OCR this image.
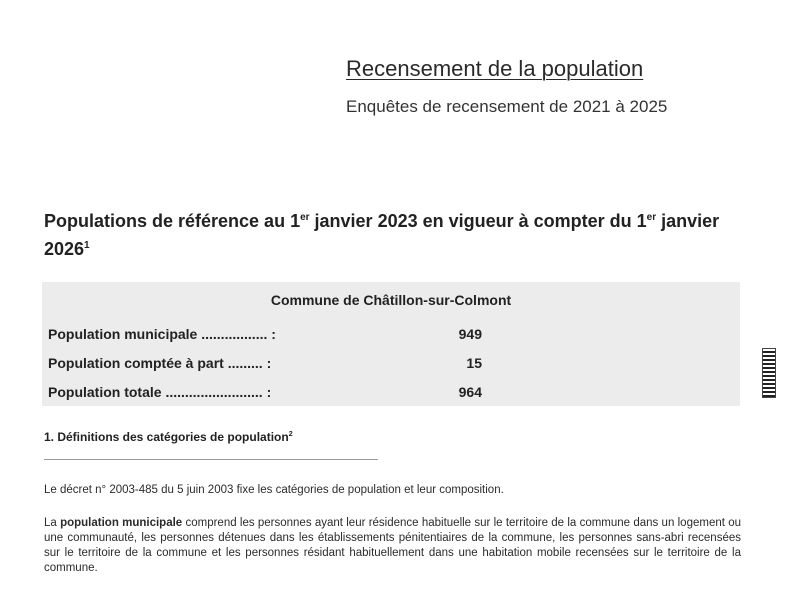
Recensement de la population
Enquêtes de recensement de 2021 à 2025
Populations de référence au 1er janvier 2023 en vigueur à compter du 1er janvier 2026$^1$
Commune de Châtillon-sur-Colmont
Population municipale ................. :	949
Population comptée à part ......... :	15
Population totale ......................... :	964
1. Définitions des catégories de population$^2$
Le décret n° 2003-485 du 5 juin 2003 fixe les catégories de population et leur composition.
La population municipale comprend les personnes ayant leur résidence habituelle sur le territoire de la commune dans un logement ou une communauté, les personnes détenues dans les établissements pénitentiaires de la commune, les personnes sans-abri recensées sur le territoire de la commune et les personnes résidant habituellement dans une habitation mobile recensées sur le territoire de la commune.
